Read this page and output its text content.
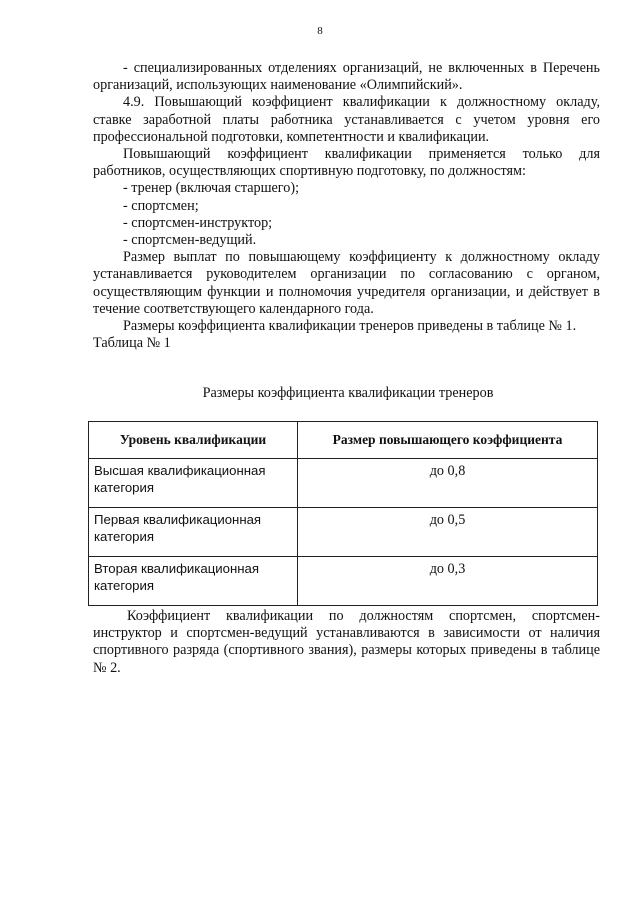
8

- специализированных отделениях организаций, не включенных в Перечень организаций, использующих наименование «Олимпийский».

4.9. Повышающий коэффициент квалификации к должностному окладу, ставке заработной платы работника устанавливается с учетом уровня его профессиональной подготовки, компетентности и квалификации.

Повышающий коэффициент квалификации применяется только для работников, осуществляющих спортивную подготовку, по должностям:

- тренер (включая старшего);

- спортсмен;

- спортсмен-инструктор;

- спортсмен-ведущий.

Размер выплат по повышающему коэффициенту к должностному окладу устанавливается руководителем организации по согласованию с органом, осуществляющим функции и полномочия учредителя организации, и действует в течение соответствующего календарного года.

Размеры коэффициента квалификации тренеров приведены в таблице № 1.

Таблица № 1

Размеры коэффициента квалификации тренеров
Уровень квалификации	Размер повышающего коэффициента
Высшая квалификационная категория	до 0,8
Первая квалификационная категория	до 0,5
Вторая квалификационная категория	до 0,3

Коэффициент квалификации по должностям спортсмен, спортсмен-инструктор и спортсмен-ведущий устанавливаются в зависимости от наличия спортивного разряда (спортивного звания), размеры которых приведены в таблице № 2.
